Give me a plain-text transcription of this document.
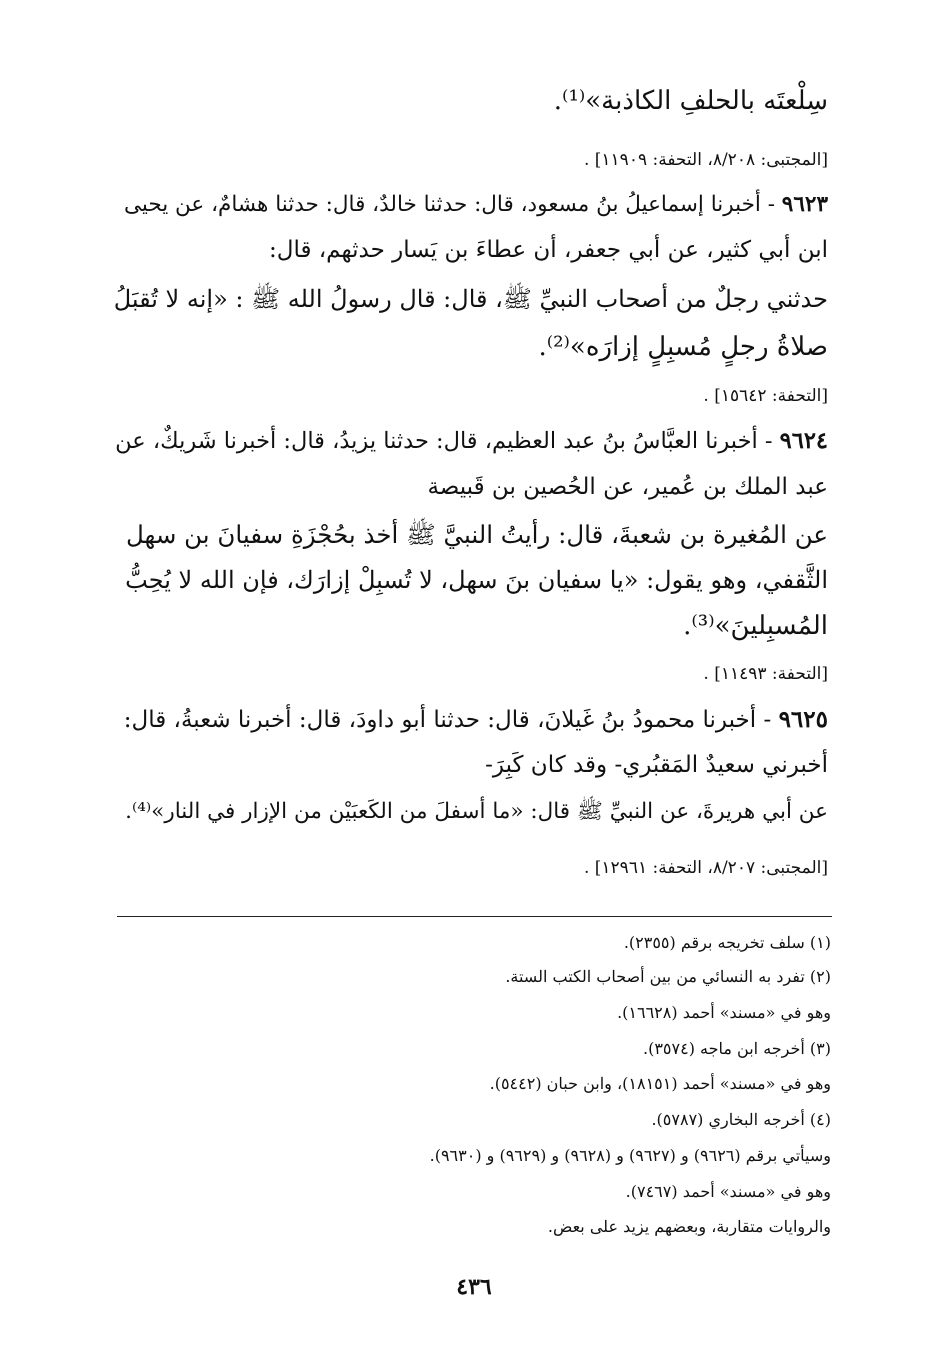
سِلْعتَه بالحلفِ الكاذبة»⁽¹⁾.
[المجتبى: ٨/٢٠٨، التحفة: ١١٩٠٩] .
٩٦٢٣ - أخبرنا إسماعيلُ بنُ مسعود، قال: حدثنا خالدٌ، قال: حدثنا هشامٌ، عن يحيى
ابن أبي كثير، عن أبي جعفر، أن عطاءَ بن يَسار حدثهم، قال:
حدثني رجلٌ من أصحاب النبيِّ ﷺ، قال: قال رسولُ الله ﷺ : «إنه لا تُقبَلُ
صلاةُ رجلٍ مُسبِلٍ إزارَه»⁽²⁾.
[التحفة: ١٥٦٤٢] .
٩٦٢٤ - أخبرنا العبَّاسُ بنُ عبد العظيم، قال: حدثنا يزيدُ، قال: أخبرنا شَريكٌ، عن
عبد الملك بن عُمير، عن الحُصين بن قَبيصة
عن المُغيرة بن شعبةَ، قال: رأيتُ النبيَّ ﷺ أخذ بحُجْزَةِ سفيانَ بن سهل
الثَّقفي، وهو يقول: «يا سفيان بنَ سهل، لا تُسبِلْ إزارَك، فإن الله لا يُحِبُّ
المُسبِلينَ»⁽³⁾.
[التحفة: ١١٤٩٣] .
٩٦٢٥ - أخبرنا محمودُ بنُ غَيلانَ، قال: حدثنا أبو داودَ، قال: أخبرنا شعبةُ، قال:
أخبرني سعيدٌ المَقبُري- وقد كان كَبِرَ-
عن أبي هريرةَ، عن النبيِّ ﷺ قال: «ما أسفلَ من الكَعبَيْن من الإزار في النار»⁽⁴⁾.
[المجتبى: ٨/٢٠٧، التحفة: ١٢٩٦١] .
(١) سلف تخريجه برقم (٢٣٥٥).
(٢) تفرد به النسائي من بين أصحاب الكتب الستة.
وهو في «مسند» أحمد (١٦٦٢٨).
(٣) أخرجه ابن ماجه (٣٥٧٤).
وهو في «مسند» أحمد (١٨١٥١)، وابن حبان (٥٤٤٢).
(٤) أخرجه البخاري (٥٧٨٧).
وسيأتي برقم (٩٦٢٦) و (٩٦٢٧) و (٩٦٢٨) و (٩٦٢٩) و (٩٦٣٠).
وهو في «مسند» أحمد (٧٤٦٧).
والروايات متقاربة، وبعضهم يزيد على بعض.
٤٣٦
